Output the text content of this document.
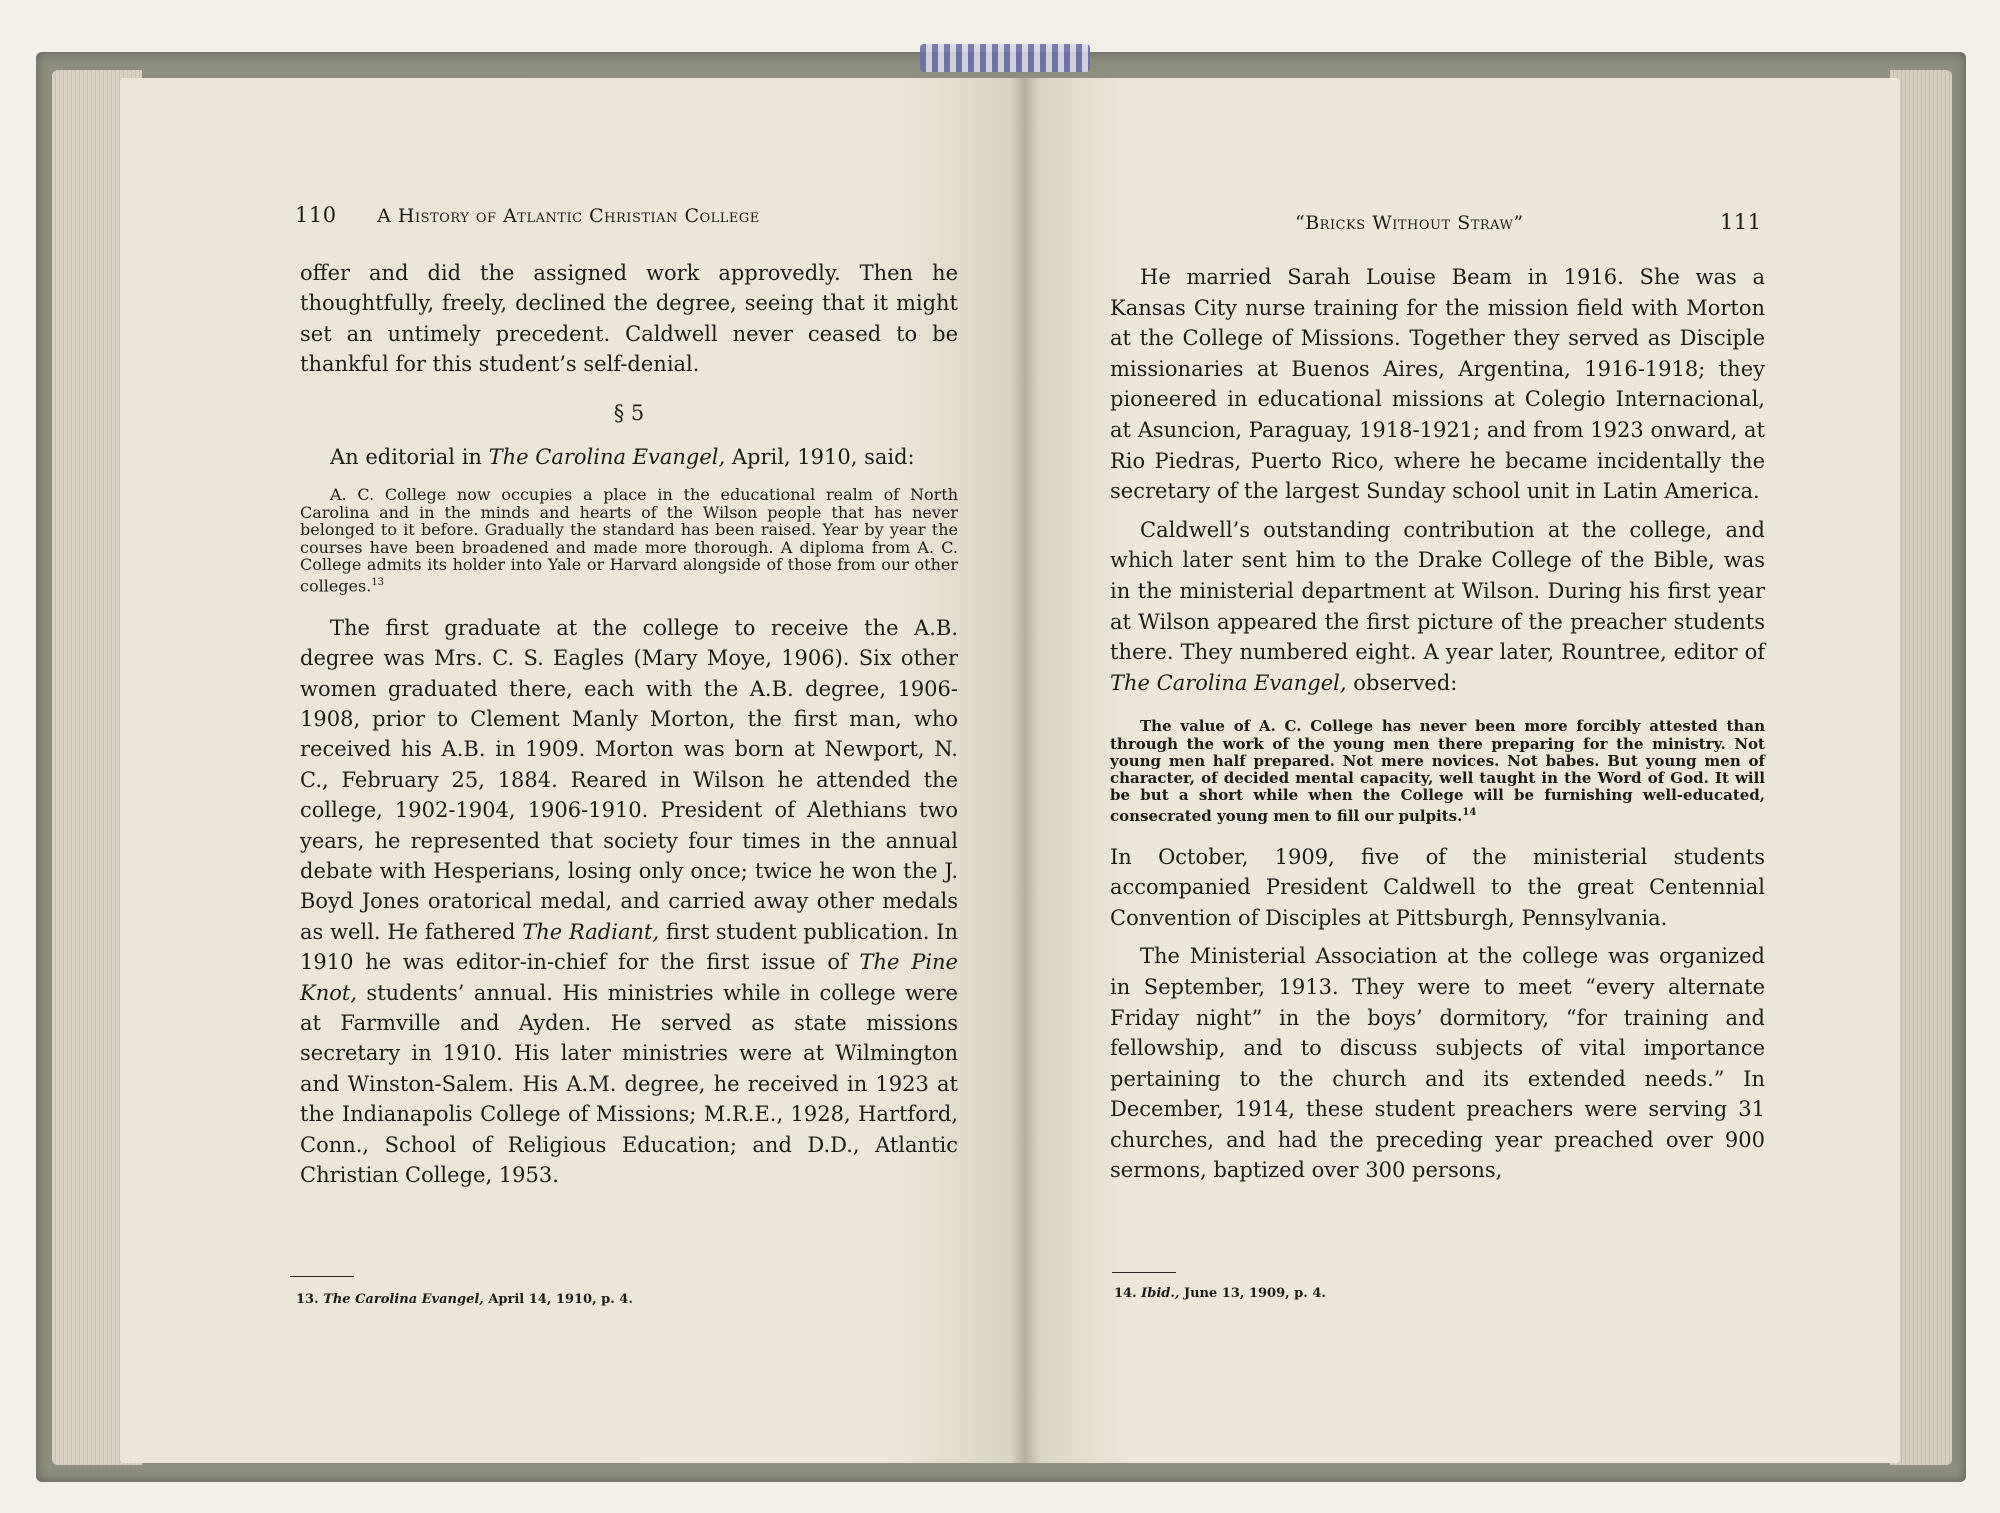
110 A History of Atlantic Christian College

offer and did the assigned work approvedly. Then he thoughtfully, freely, declined the degree, seeing that it might set an untimely precedent. Caldwell never ceased to be thankful for this student’s self-denial.

§ 5

An editorial in The Carolina Evangel, April, 1910, said:

A. C. College now occupies a place in the educational realm of North Carolina and in the minds and hearts of the Wilson people that has never belonged to it before. Gradually the standard has been raised. Year by year the courses have been broadened and made more thorough. A diploma from A. C. College admits its holder into Yale or Harvard alongside of those from our other colleges.$^{13}$

The first graduate at the college to receive the A.B. degree was Mrs. C. S. Eagles (Mary Moye, 1906). Six other women graduated there, each with the A.B. degree, 1906-1908, prior to Clement Manly Morton, the first man, who received his A.B. in 1909. Morton was born at Newport, N. C., February 25, 1884. Reared in Wilson he attended the college, 1902-1904, 1906-1910. President of Alethians two years, he represented that society four times in the annual debate with Hesperians, losing only once; twice he won the J. Boyd Jones oratorical medal, and carried away other medals as well. He fathered The Radiant, first student publication. In 1910 he was editor-in-chief for the first issue of The Pine Knot, students’ annual. His ministries while in college were at Farmville and Ayden. He served as state missions secretary in 1910. His later ministries were at Wilmington and Winston-Salem. His A.M. degree, he received in 1923 at the Indianapolis College of Missions; M.R.E., 1928, Hartford, Conn., School of Religious Education; and D.D., Atlantic Christian College, 1953.

13. The Carolina Evangel, April 14, 1910, p. 4.
“Bricks Without Straw”	111

He married Sarah Louise Beam in 1916. She was a Kansas City nurse training for the mission field with Morton at the College of Missions. Together they served as Disciple missionaries at Buenos Aires, Argentina, 1916-1918; they pioneered in educational missions at Colegio Internacional, at Asuncion, Paraguay, 1918-1921; and from 1923 onward, at Rio Piedras, Puerto Rico, where he became incidentally the secretary of the largest Sunday school unit in Latin America.

Caldwell’s outstanding contribution at the college, and which later sent him to the Drake College of the Bible, was in the ministerial department at Wilson. During his first year at Wilson appeared the first picture of the preacher students there. They numbered eight. A year later, Rountree, editor of The Carolina Evangel, observed:

The value of A. C. College has never been more forcibly attested than through the work of the young men there preparing for the ministry. Not young men half prepared. Not mere novices. Not babes. But young men of character, of decided mental capacity, well taught in the Word of God. It will be but a short while when the College will be furnishing well-educated, consecrated young men to fill our pulpits.$^{14}$

In October, 1909, five of the ministerial students accompanied President Caldwell to the great Centennial Convention of Disciples at Pittsburgh, Pennsylvania.

The Ministerial Association at the college was organized in September, 1913. They were to meet “every alternate Friday night” in the boys’ dormitory, “for training and fellowship, and to discuss subjects of vital importance pertaining to the church and its extended needs.” In December, 1914, these student preachers were serving 31 churches, and had the preceding year preached over 900 sermons, baptized over 300 persons,

14. Ibid., June 13, 1909, p. 4.
